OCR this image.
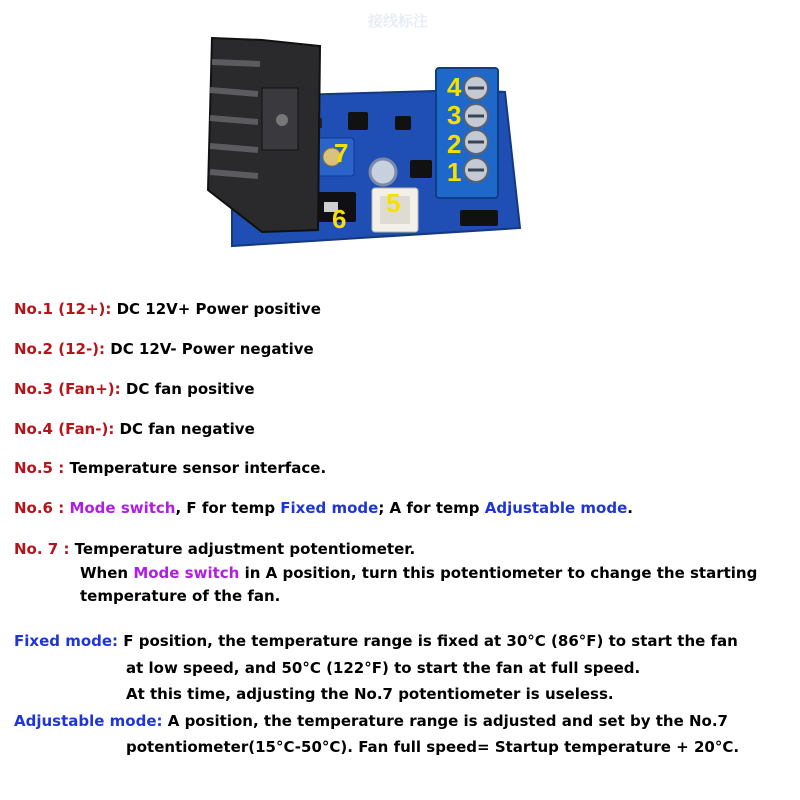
接线标注
1
2
3
4
5
6
7
No.1 (12+): DC 12V+ Power positive
No.2 (12-): DC 12V- Power negative
No.3 (Fan+): DC fan positive
No.4 (Fan-): DC fan negative
No.5 : Temperature sensor interface.
No.6 : Mode switch, F for temp Fixed mode; A for temp Adjustable mode.
No. 7 : Temperature adjustment potentiometer.
When Mode switch in A position, turn this potentiometer to change the starting
temperature of the fan.
Fixed mode: F position, the temperature range is fixed at 30°C (86°F) to start the fan
at low speed, and 50°C (122°F) to start the fan at full speed.
At this time, adjusting the No.7 potentiometer is useless.
Adjustable mode: A position, the temperature range is adjusted and set by the No.7
potentiometer(15°C-50°C). Fan full speed= Startup temperature + 20°C.
